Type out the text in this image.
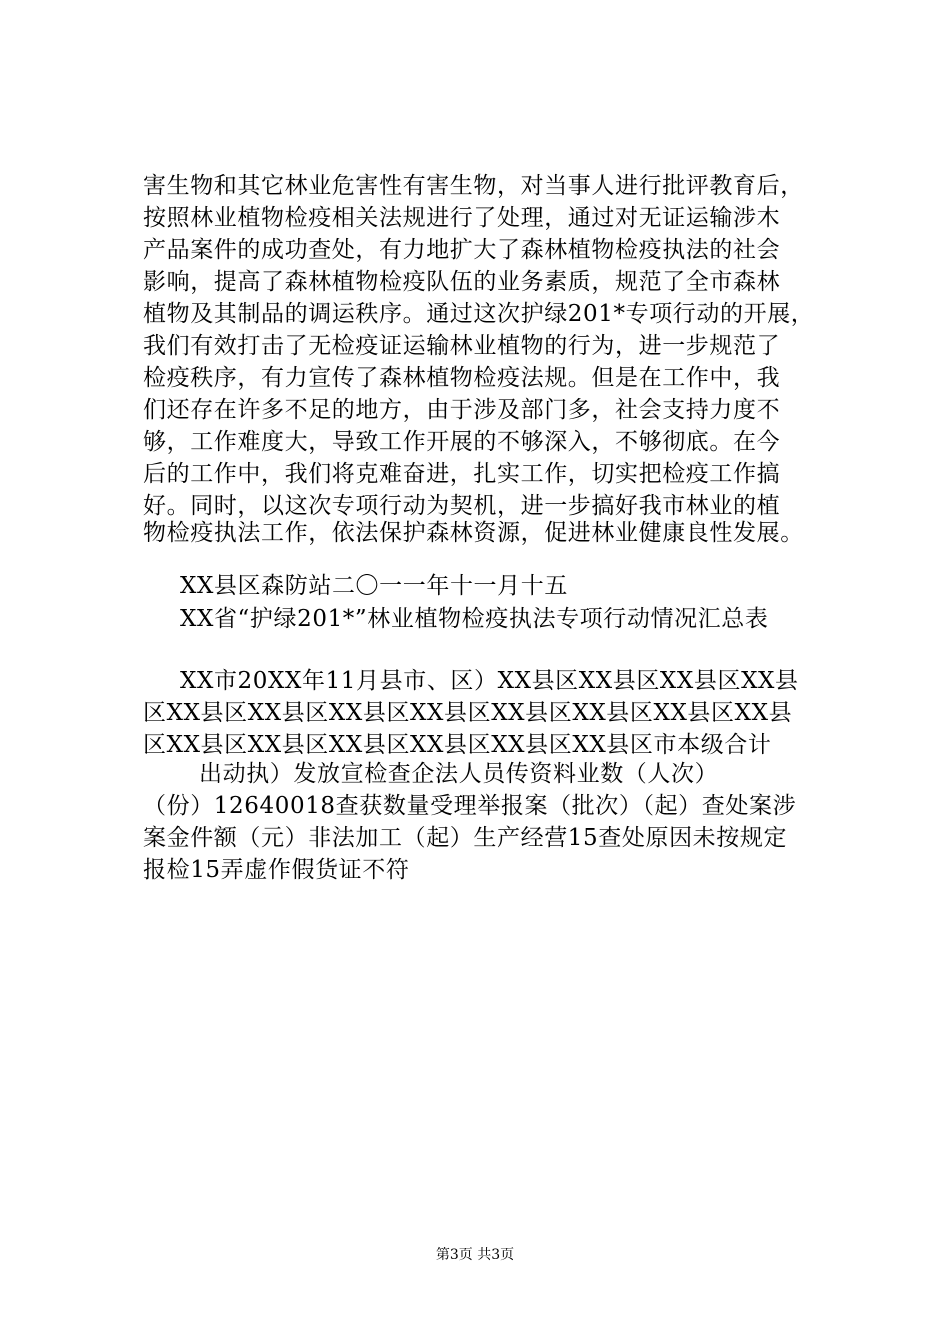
害生物和其它林业危害性有害生物，对当事人进行批评教育后，
按照林业植物检疫相关法规进行了处理，通过对无证运输涉木
产品案件的成功查处，有力地扩大了森林植物检疫执法的社会
影响，提高了森林植物检疫队伍的业务素质，规范了全市森林
植物及其制品的调运秩序。通过这次护绿201*专项行动的开展，
我们有效打击了无检疫证运输林业植物的行为，进一步规范了
检疫秩序，有力宣传了森林植物检疫法规。但是在工作中，我
们还存在许多不足的地方，由于涉及部门多，社会支持力度不
够，工作难度大，导致工作开展的不够深入，不够彻底。在今
后的工作中，我们将克难奋进，扎实工作，切实把检疫工作搞
好。同时，以这次专项行动为契机，进一步搞好我市林业的植
物检疫执法工作，依法保护森林资源，促进林业健康良性发展。
XX县区森防站二〇一一年十一月十五
XX省“护绿201*”林业植物检疫执法专项行动情况汇总表
XX市20XX年11月县市、区）XX县区XX县区XX县区XX县
区XX县区XX县区XX县区XX县区XX县区XX县区XX县区XX县
区XX县区XX县区XX县区XX县区XX县区XX县区市本级合计
出动执）发放宣检查企法人员传资料业数（人次）
（份）12640018查获数量受理举报案（批次）（起）查处案涉
案金件额（元）非法加工（起）生产经营15查处原因未按规定
报检15弄虚作假货证不符
第3页 共3页
